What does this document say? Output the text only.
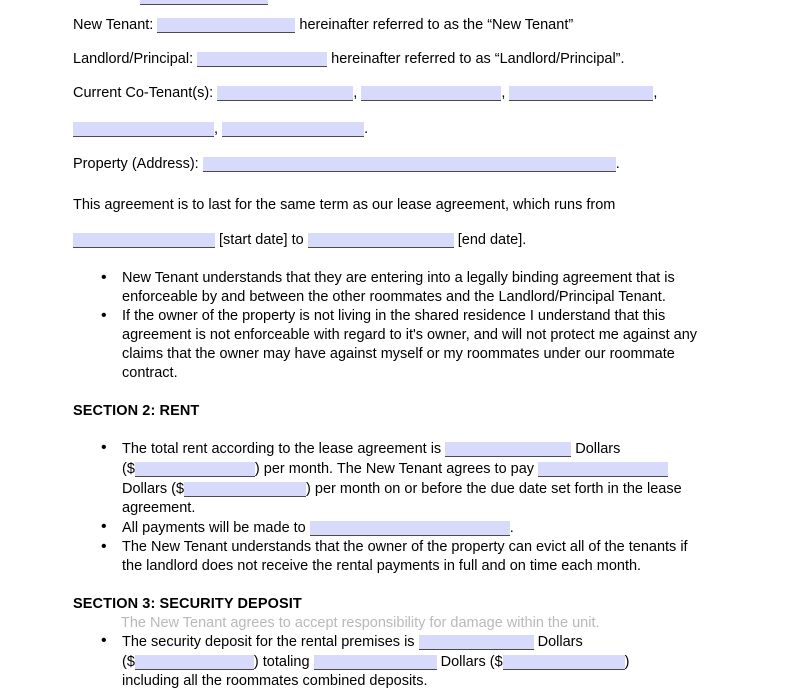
New Tenant:	hereinafter referred to as the “New Tenant”

Landlord/Principal:	hereinafter referred to as “Landlord/Principal”.

Current Co-Tenant(s):	,	,	,

,	.

Property (Address):	.

This agreement is to last for the same term as our lease agreement, which runs from

[start date] to	[end date].

• New Tenant understands that they are entering into a legally binding agreement that is
enforceable by and between the other roommates and the Landlord/Principal Tenant.
• If the owner of the property is not living in the shared residence I understand that this
agreement is not enforceable with regard to it's owner, and will not protect me against any
claims that the owner may have against myself or my roommates under our roommate
contract.

SECTION 2: RENT

• The total rent according to the lease agreement is	Dollars
($	) per month. The New Tenant agrees to pay
Dollars ($	) per month on or before the due date set forth in the lease
agreement.
• All payments will be made to	.
• The New Tenant understands that the owner of the property can evict all of the tenants if
the landlord does not receive the rental payments in full and on time each month.

SECTION 3: SECURITY DEPOSIT

• The security deposit for the rental premises is	Dollars
($	) totaling	Dollars ($	)
including all the roommates combined deposits.
The New Tenant agrees to accept responsibility for damage within the unit.
